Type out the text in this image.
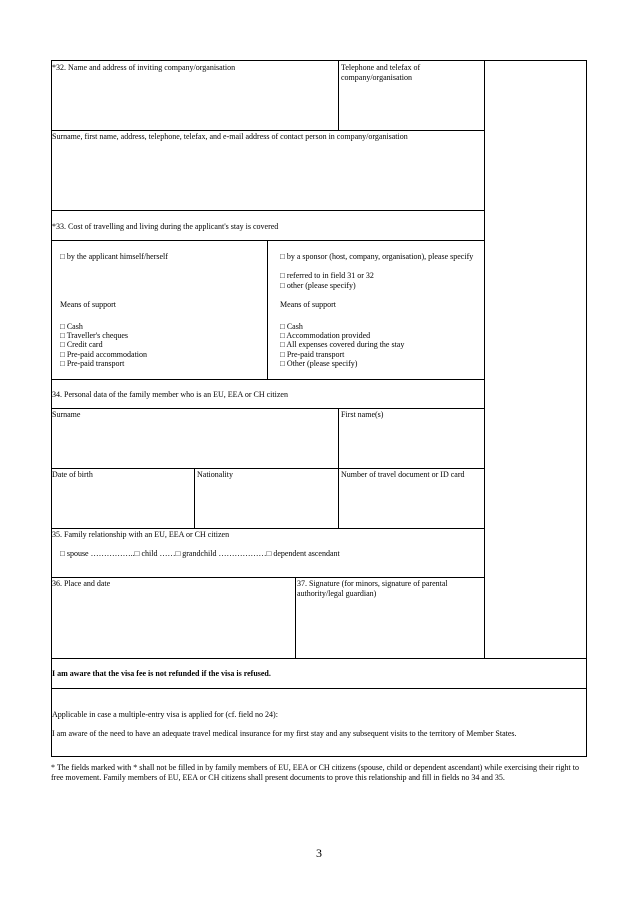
*32. Name and address of inviting company/organisation	Telephone and telefax of company/organisation
Surname, first name, address, telephone, telefax, and e-mail address of contact person in company/organisation
*33. Cost of travelling and living during the applicant's stay is covered
□ by the applicant himself/herself
Means of support
□ Cash
□ Traveller's cheques
□ Credit card
□ Pre-paid accommodation
□ Pre-paid transport
□ by a sponsor (host, company, organisation), please specify
□ referred to in field 31 or 32
□ other (please specify)
Means of support
□ Cash
□ Accommodation provided
□ All expenses covered during the stay
□ Pre-paid transport
□ Other (please specify)
34. Personal data of the family member who is an EU, EEA or CH citizen
Surname	First name(s)
Date of birth	Nationality	Number of travel document or ID card
35. Family relationship with an EU, EEA or CH citizen
□ spouse ……………..□ child ……□ grandchild ………………□ dependent ascendant
36. Place and date	37. Signature (for minors, signature of parental authority/legal guardian)
I am aware that the visa fee is not refunded if the visa is refused.
Applicable in case a multiple-entry visa is applied for (cf. field no 24):
I am aware of the need to have an adequate travel medical insurance for my first stay and any subsequent visits to the territory of Member States.
* The fields marked with * shall not be filled in by family members of EU, EEA or CH citizens (spouse, child or dependent ascendant) while exercising their right to free movement. Family members of EU, EEA or CH citizens shall present documents to prove this relationship and fill in fields no 34 and 35.
3
